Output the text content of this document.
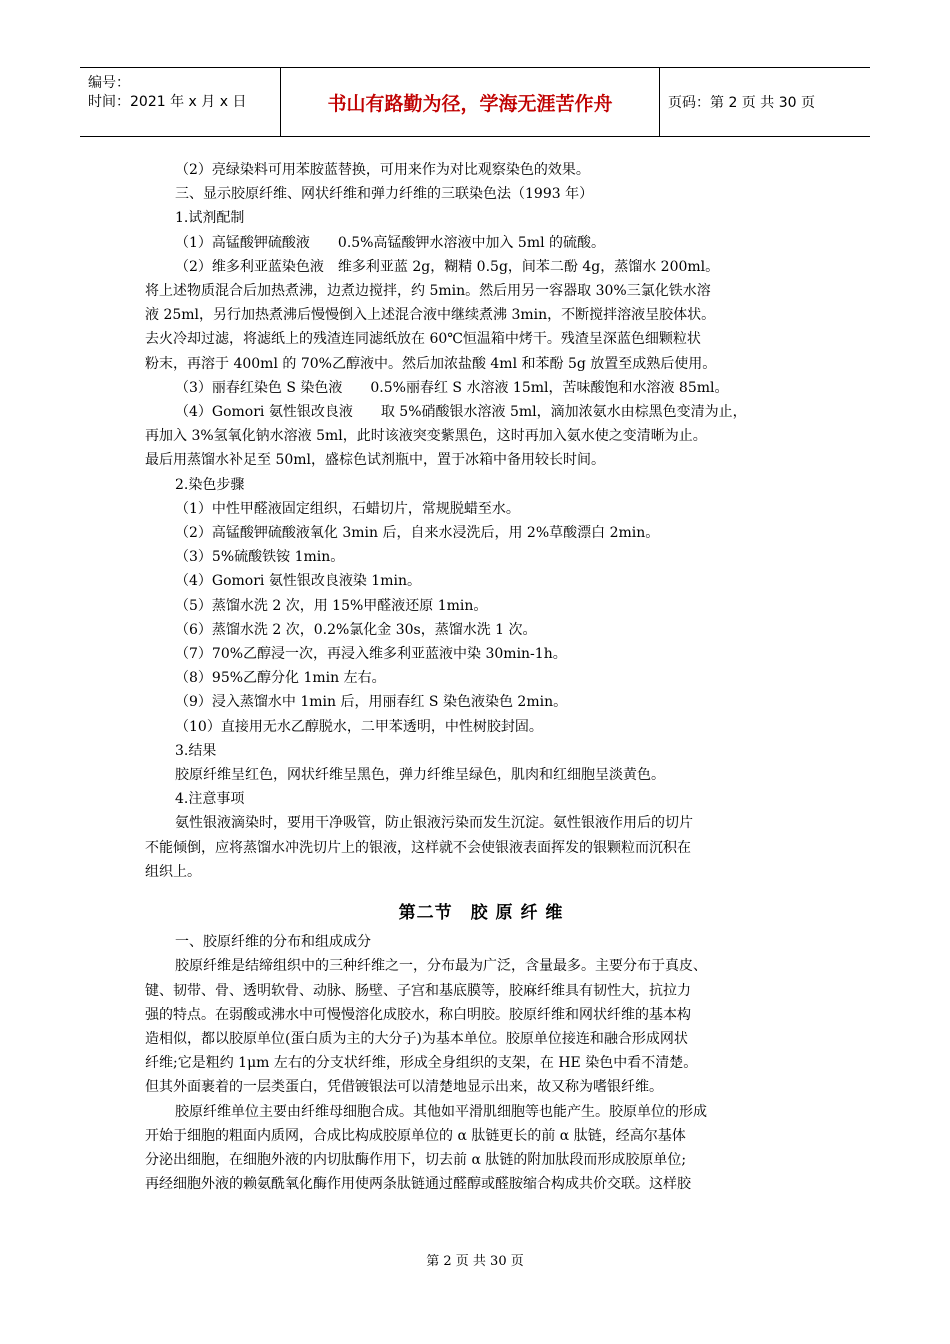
编号：
时间：2021 年 x 月 x 日	书山有路勤为径，学海无涯苦作舟	页码：第 2 页 共 30 页

（2）亮绿染料可用苯胺蓝替换，可用来作为对比观察染色的效果。

三、显示胶原纤维、网状纤维和弹力纤维的三联染色法（1993 年）

1.试剂配制

（1）高锰酸钾硫酸液　　0.5%高锰酸钾水溶液中加入 5ml 的硫酸。

（2）维多利亚蓝染色液　维多利亚蓝 2g，糊精 0.5g，间苯二酚 4g，蒸馏水 200ml。

将上述物质混合后加热煮沸，边煮边搅拌，约 5min。然后用另一容器取 30%三氯化铁水溶

液 25ml，另行加热煮沸后慢慢倒入上述混合液中继续煮沸 3min，不断搅拌溶液呈胶体状。

去火冷却过滤，将滤纸上的残渣连同滤纸放在 60℃恒温箱中烤干。残渣呈深蓝色细颗粒状

粉末，再溶于 400ml 的 70%乙醇液中。然后加浓盐酸 4ml 和苯酚 5g 放置至成熟后使用。

（3）丽春红染色 S 染色液　　0.5%丽春红 S 水溶液 15ml，苦味酸饱和水溶液 85ml。

（4）Gomori 氨性银改良液　　取 5%硝酸银水溶液 5ml，滴加浓氨水由棕黑色变清为止，

再加入 3%氢氧化钠水溶液 5ml，此时该液突变紫黑色，这时再加入氨水使之变清晰为止。

最后用蒸馏水补足至 50ml，盛棕色试剂瓶中，置于冰箱中备用较长时间。

2.染色步骤

（1）中性甲醛液固定组织，石蜡切片，常规脱蜡至水。

（2）高锰酸钾硫酸液氧化 3min 后，自来水浸洗后，用 2%草酸漂白 2min。

（3）5%硫酸铁铵 1min。

（4）Gomori 氨性银改良液染 1min。

（5）蒸馏水洗 2 次，用 15%甲醛液还原 1min。

（6）蒸馏水洗 2 次，0.2%氯化金 30s，蒸馏水洗 1 次。

（7）70%乙醇浸一次，再浸入维多利亚蓝液中染 30min-1h。

（8）95%乙醇分化 1min 左右。

（9）浸入蒸馏水中 1min 后，用丽春红 S 染色液染色 2min。

（10）直接用无水乙醇脱水，二甲苯透明，中性树胶封固。

3.结果

胶原纤维呈红色，网状纤维呈黑色，弹力纤维呈绿色，肌肉和红细胞呈淡黄色。

4.注意事项

氨性银液滴染时，要用干净吸管，防止银液污染而发生沉淀。氨性银液作用后的切片

不能倾倒，应将蒸馏水冲洗切片上的银液，这样就不会使银液表面挥发的银颗粒而沉积在

组织上。

第二节　胶 原 纤 维

一、胶原纤维的分布和组成成分

胶原纤维是结缔组织中的三种纤维之一，分布最为广泛，含量最多。主要分布于真皮、

键、韧带、骨、透明软骨、动脉、肠壁、子宫和基底膜等，胶麻纤维具有韧性大，抗拉力

强的特点。在弱酸或沸水中可慢慢溶化成胶水，称白明胶。胶原纤维和网状纤维的基本构

造相似，都以胶原单位(蛋白质为主的大分子)为基本单位。胶原单位接连和融合形成网状

纤维;它是粗约 1μm 左右的分支状纤维，形成全身组织的支架，在 HE 染色中看不清楚。

但其外面裹着的一层类蛋白，凭借镀银法可以清楚地显示出来，故又称为嗜银纤维。

胶原纤维单位主要由纤维母细胞合成。其他如平滑肌细胞等也能产生。胶原单位的形成

开始于细胞的粗面内质网，合成比构成胶原单位的 α 肽链更长的前 α 肽链，经高尔基体

分泌出细胞，在细胞外液的内切肽酶作用下，切去前 α 肽链的附加肽段而形成胶原单位;

再经细胞外液的赖氨酰氧化酶作用使两条肽链通过醛醇或醛胺缩合构成共价交联。这样胶

第 2 页 共 30 页
